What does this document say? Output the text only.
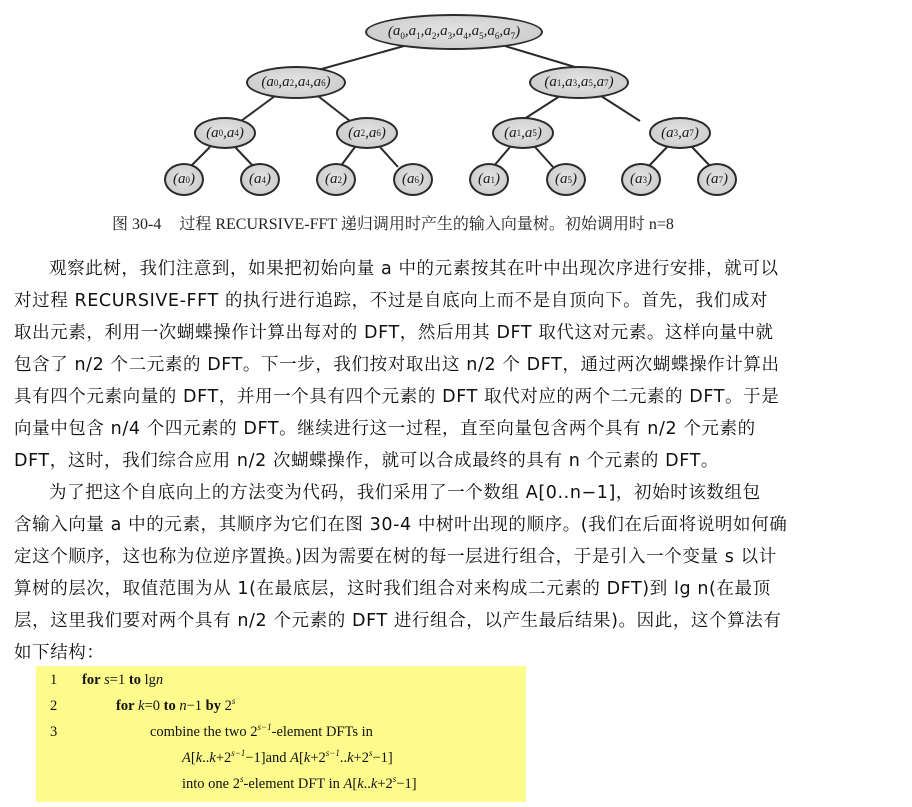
( $a_0,a_1,a_2,a_3,a_4,a_5,a_6,a_7$ )
(a 0 ,a 2 ,a 4 ,a 6 )	(a 1 ,a 3 ,a 5 ,a 7 )
(a 0 ,a 4 )	(a 2 ,a 6 )	(a 1 ,a 5 )	(a 3 ,a 7 )
(a 0 )	(a 4 )	(a 2 )	(a 6 )	(a 1 )	(a 5 )	(a 3 )	(a 7 )
图 30-4 过程 RECURSIVE-FFT 递归调用时产生的输入向量树。初始调用时 n=8
观察此树，我们注意到，如果把初始向量 a 中的元素按其在叶中出现次序进行安排，就可以
对过程 RECURSIVE-FFT 的执行进行追踪，不过是自底向上而不是自顶向下。首先，我们成对
取出元素，利用一次蝴蝶操作计算出每对的 DFT，然后用其 DFT 取代这对元素。这样向量中就
包含了 n/2 个二元素的 DFT。下一步，我们按对取出这 n/2 个 DFT，通过两次蝴蝶操作计算出
具有四个元素向量的 DFT，并用一个具有四个元素的 DFT 取代对应的两个二元素的 DFT。于是
向量中包含 n/4 个四元素的 DFT。继续进行这一过程，直至向量包含两个具有 n/2 个元素的
DFT，这时，我们综合应用 n/2 次蝴蝶操作，就可以合成最终的具有 n 个元素的 DFT。
为了把这个自底向上的方法变为代码，我们采用了一个数组 A[0..n−1]，初始时该数组包
含输入向量 a 中的元素，其顺序为它们在图 30-4 中树叶出现的顺序。(我们在后面将说明如何确
定这个顺序，这也称为位逆序置换。)因为需要在树的每一层进行组合，于是引入一个变量 s 以计
算树的层次，取值范围为从 1(在最底层，这时我们组合对来构成二元素的 DFT)到 lg n(在最顶
层，这里我们要对两个具有 n/2 个元素的 DFT 进行组合，以产生最后结果)。因此，这个算法有
如下结构：
1 for s=1 to lgn
2	for k=0 to n−1 by 2$^s$
3	combine the two $2^{s-1}$-element DFTs in
$A[k..k+2^{s-1}-1]and$ $A[k+2^{s-1}..k+2^s-1]$
into one 2$^s$-element DFT in $A[k..k+2^s-1]$
